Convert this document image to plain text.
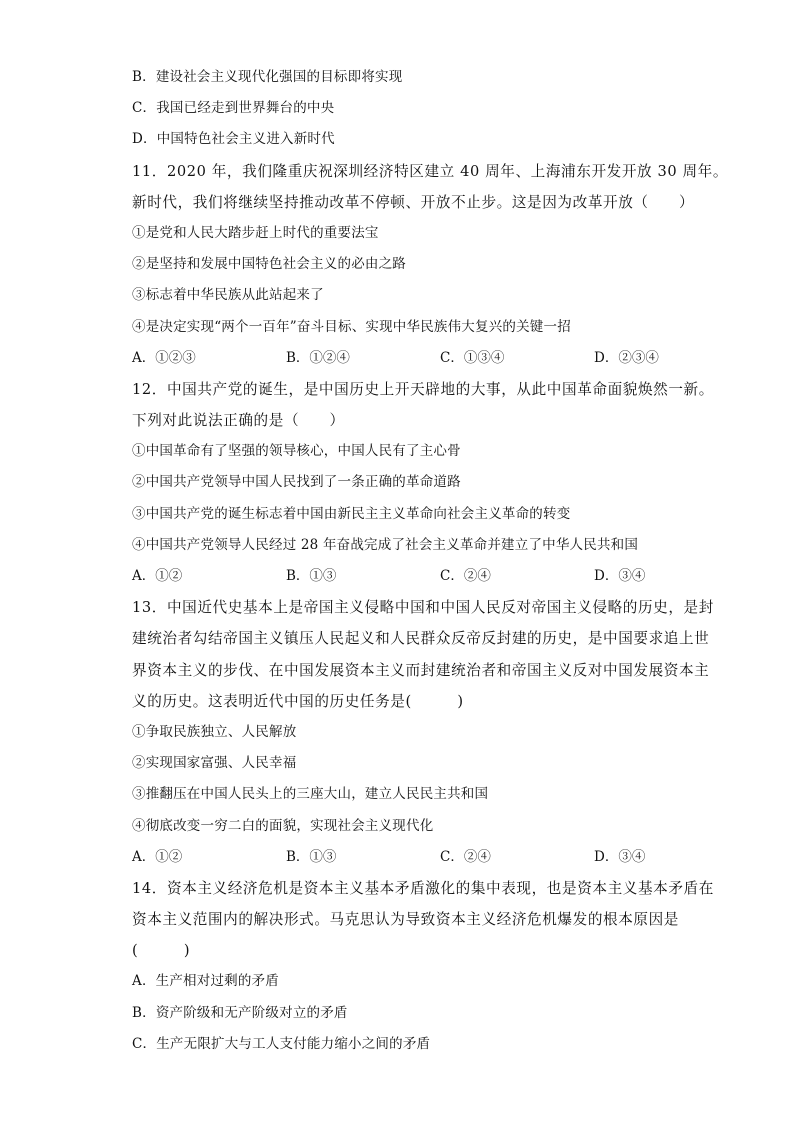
B．建设社会主义现代化强国的目标即将实现
C．我国已经走到世界舞台的中央
D．中国特色社会主义进入新时代
11．2020 年，我们隆重庆祝深圳经济特区建立 40 周年、上海浦东开发开放 30 周年。
新时代，我们将继续坚持推动改革不停顿、开放不止步。这是因为改革开放（　　）
①是党和人民大踏步赶上时代的重要法宝
②是坚持和发展中国特色社会主义的必由之路
③标志着中华民族从此站起来了
④是决定实现“两个一百年”奋斗目标、实现中华民族伟大复兴的关键一招
A．①②③	B．①②④	C．①③④	D．②③④
12．中国共产党的诞生，是中国历史上开天辟地的大事，从此中国革命面貌焕然一新。
下列对此说法正确的是（　　）
①中国革命有了坚强的领导核心，中国人民有了主心骨
②中国共产党领导中国人民找到了一条正确的革命道路
③中国共产党的诞生标志着中国由新民主主义革命向社会主义革命的转变
④中国共产党领导人民经过 28 年奋战完成了社会主义革命并建立了中华人民共和国
A．①②	B．①③	C．②④	D．③④
13．中国近代史基本上是帝国主义侵略中国和中国人民反对帝国主义侵略的历史，是封
建统治者勾结帝国主义镇压人民起义和人民群众反帝反封建的历史，是中国要求追上世
界资本主义的步伐、在中国发展资本主义而封建统治者和帝国主义反对中国发展资本主
义的历史。这表明近代中国的历史任务是(　　　)
①争取民族独立、人民解放
②实现国家富强、人民幸福
③推翻压在中国人民头上的三座大山，建立人民民主共和国
④彻底改变一穷二白的面貌，实现社会主义现代化
A．①②	B．①③	C．②④	D．③④
14．资本主义经济危机是资本主义基本矛盾激化的集中表现，也是资本主义基本矛盾在
资本主义范围内的解决形式。马克思认为导致资本主义经济危机爆发的根本原因是
(　　　)
A．生产相对过剩的矛盾
B．资产阶级和无产阶级对立的矛盾
C．生产无限扩大与工人支付能力缩小之间的矛盾
